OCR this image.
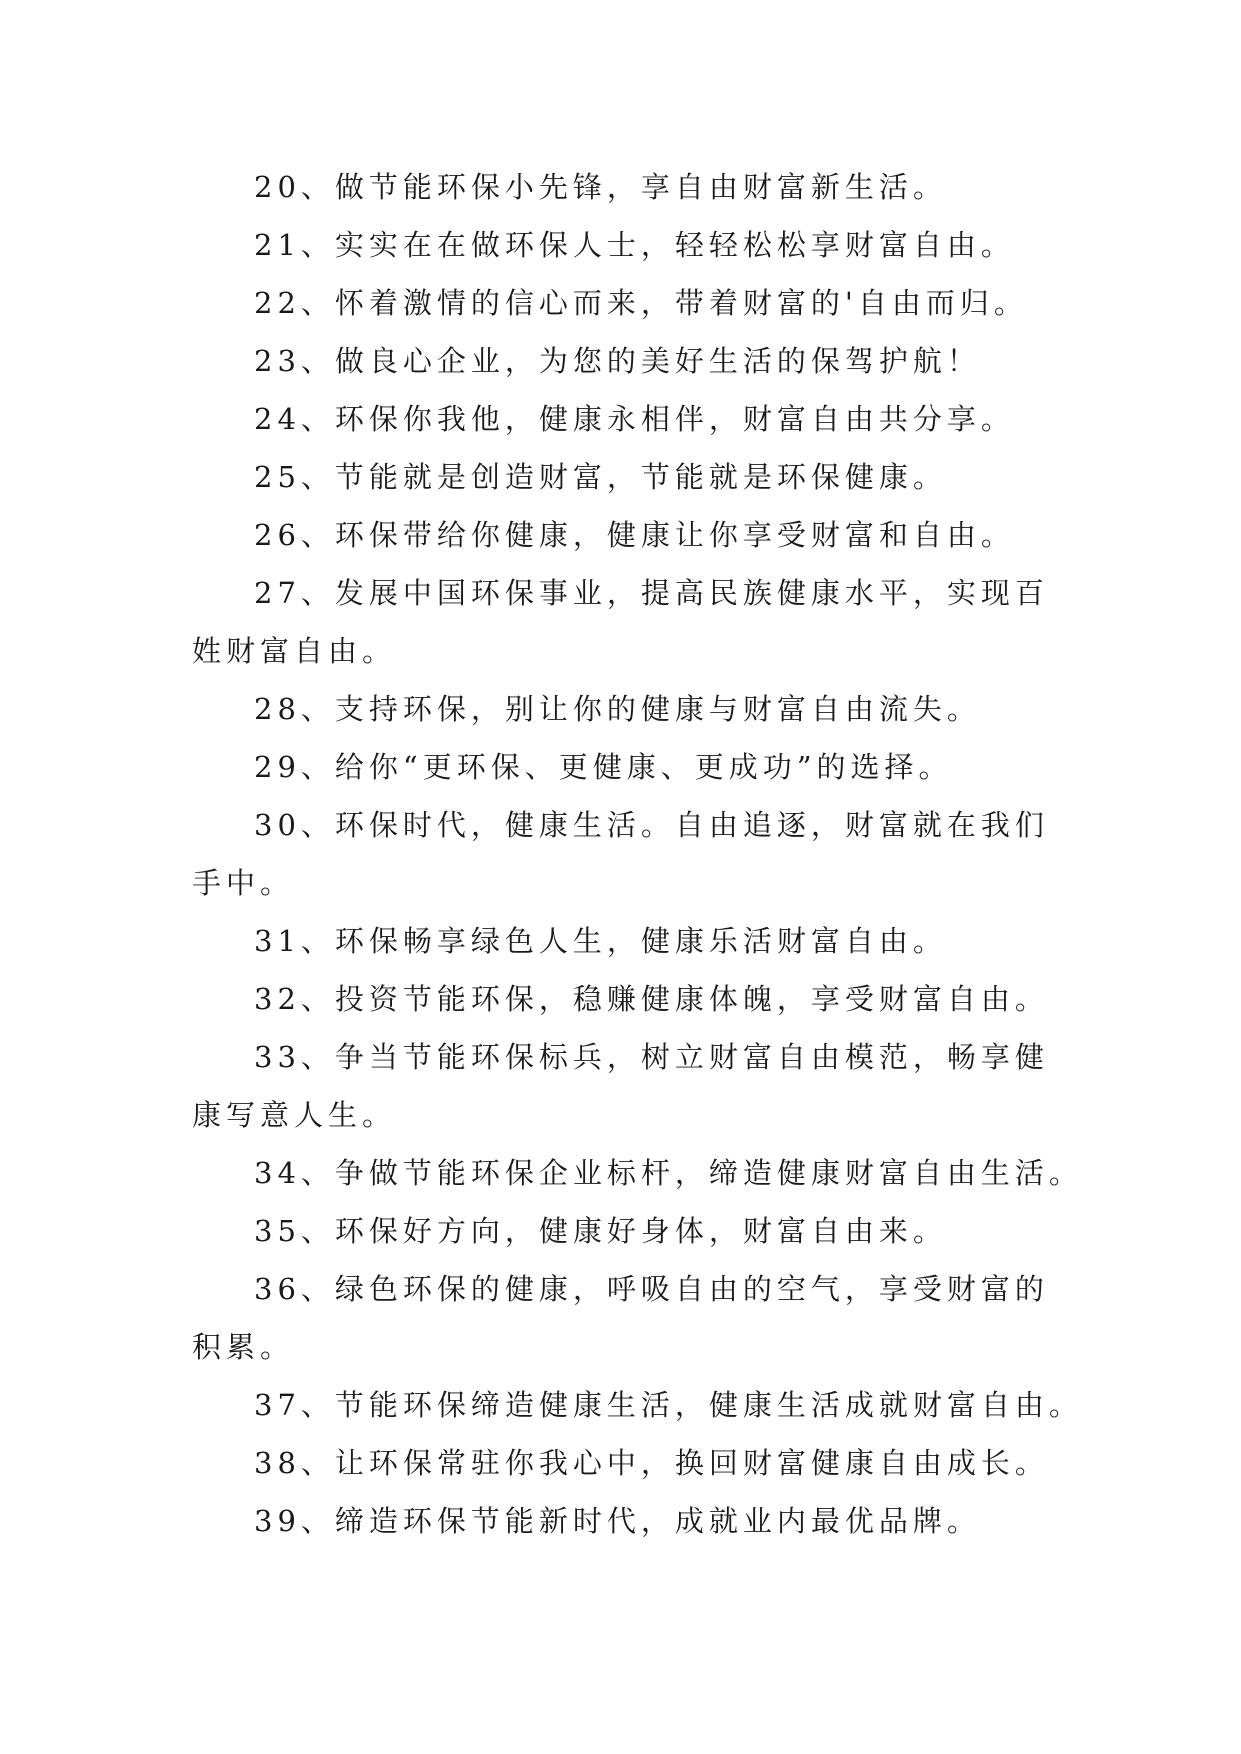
20、做节能环保小先锋，享自由财富新生活。

21、实实在在做环保人士，轻轻松松享财富自由。

22、怀着激情的信心而来，带着财富的'自由而归。

23、做良心企业，为您的美好生活的保驾护航！

24、环保你我他，健康永相伴，财富自由共分享。

25、节能就是创造财富，节能就是环保健康。

26、环保带给你健康，健康让你享受财富和自由。

27、发展中国环保事业，提高民族健康水平，实现百姓财富自由。

28、支持环保，别让你的健康与财富自由流失。

29、给你“更环保、更健康、更成功”的选择。

30、环保时代，健康生活。自由追逐，财富就在我们手中。

31、环保畅享绿色人生，健康乐活财富自由。

32、投资节能环保，稳赚健康体魄，享受财富自由。

33、争当节能环保标兵，树立财富自由模范，畅享健康写意人生。

34、争做节能环保企业标杆，缔造健康财富自由生活。

35、环保好方向，健康好身体，财富自由来。

36、绿色环保的健康，呼吸自由的空气，享受财富的积累。

37、节能环保缔造健康生活，健康生活成就财富自由。

38、让环保常驻你我心中，换回财富健康自由成长。

39、缔造环保节能新时代，成就业内最优品牌。
